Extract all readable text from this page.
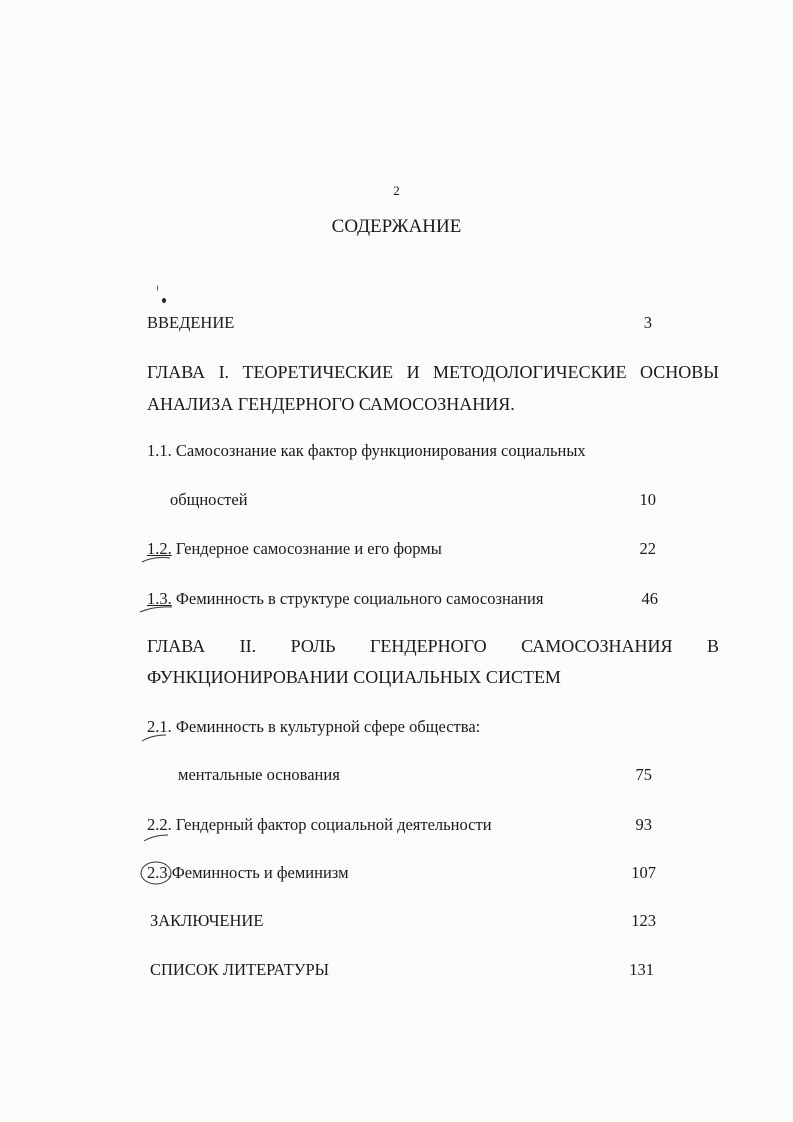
2
СОДЕРЖАНИЕ
ВВЕДЕНИЕ	3
ГЛАВА I. ТЕОРЕТИЧЕСКИЕ И МЕТОДОЛОГИЧЕСКИЕ ОСНОВЫ
АНАЛИЗА ГЕНДЕРНОГО САМОСОЗНАНИЯ.
1.1. Самосознание как фактор функционирования социальных
общностей	10
1.2. Гендерное самосознание и его формы	22
1.3. Феминность в структуре социального самосознания	46
ГЛАВА II. РОЛЬ ГЕНДЕРНОГО САМОСОЗНАНИЯ В
ФУНКЦИОНИРОВАНИИ СОЦИАЛЬНЫХ СИСТЕМ
2.1. Феминность в культурной сфере общества:
ментальные основания	75
2.2. Гендерный фактор социальной деятельности	93
2.3.Феминность и феминизм	107
ЗАКЛЮЧЕНИЕ	123
СПИСОК ЛИТЕРАТУРЫ	131
